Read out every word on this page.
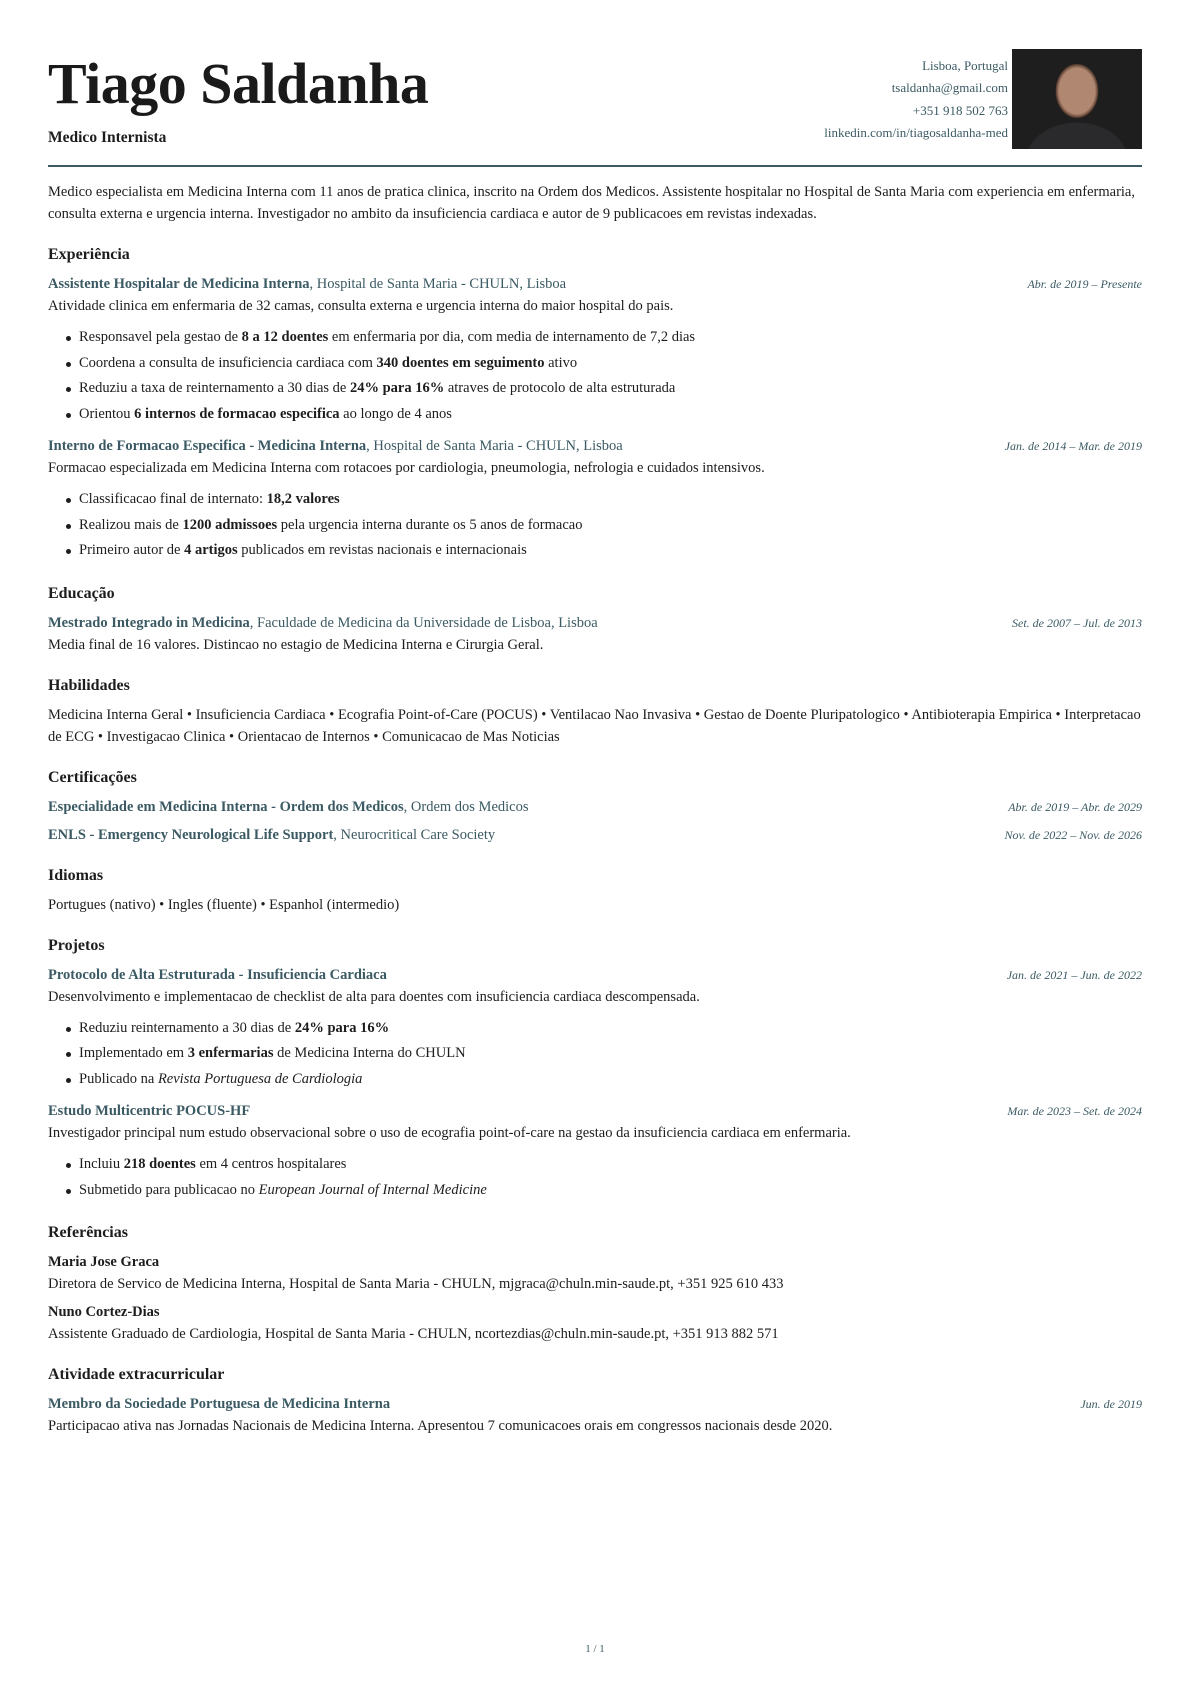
Tiago Saldanha
Medico Internista
Lisboa, Portugal
tsaldanha@gmail.com
+351 918 502 763
linkedin.com/in/tiagosaldanha-med

Medico especialista em Medicina Interna com 11 anos de pratica clinica, inscrito na Ordem dos Medicos. Assistente hospitalar no Hospital de Santa Maria com experiencia em enfermaria, consulta externa e urgencia interna. Investigador no ambito da insuficiencia cardiaca e autor de 9 publicacoes em revistas indexadas.

Experiência
Assistente Hospitalar de Medicina Interna, Hospital de Santa Maria - CHULN, Lisboa	Abr. de 2019 – Presente
Atividade clinica em enfermaria de 32 camas, consulta externa e urgencia interna do maior hospital do pais.
Responsavel pela gestao de 8 a 12 doentes em enfermaria por dia, com media de internamento de 7,2 dias
Coordena a consulta de insuficiencia cardiaca com 340 doentes em seguimento ativo
Reduziu a taxa de reinternamento a 30 dias de 24% para 16% atraves de protocolo de alta estruturada
Orientou 6 internos de formacao especifica ao longo de 4 anos
Interno de Formacao Especifica - Medicina Interna, Hospital de Santa Maria - CHULN, Lisboa	Jan. de 2014 – Mar. de 2019
Formacao especializada em Medicina Interna com rotacoes por cardiologia, pneumologia, nefrologia e cuidados intensivos.
Classificacao final de internato: 18,2 valores
Realizou mais de 1200 admissoes pela urgencia interna durante os 5 anos de formacao
Primeiro autor de 4 artigos publicados em revistas nacionais e internacionais
Educação
Mestrado Integrado in Medicina, Faculdade de Medicina da Universidade de Lisboa, Lisboa	Set. de 2007 – Jul. de 2013
Media final de 16 valores. Distincao no estagio de Medicina Interna e Cirurgia Geral.
Habilidades

Medicina Interna Geral • Insuficiencia Cardiaca • Ecografia Point-of-Care (POCUS) • Ventilacao Nao Invasiva • Gestao de Doente Pluripatologico • Antibioterapia Empirica • Interpretacao de ECG • Investigacao Clinica • Orientacao de Internos • Comunicacao de Mas Noticias

Certificações
Especialidade em Medicina Interna - Ordem dos Medicos, Ordem dos Medicos	Abr. de 2019 – Abr. de 2029
ENLS - Emergency Neurological Life Support, Neurocritical Care Society	Nov. de 2022 – Nov. de 2026
Idiomas

Portugues (nativo) • Ingles (fluente) • Espanhol (intermedio)

Projetos
Protocolo de Alta Estruturada - Insuficiencia Cardiaca	Jan. de 2021 – Jun. de 2022
Desenvolvimento e implementacao de checklist de alta para doentes com insuficiencia cardiaca descompensada.
Reduziu reinternamento a 30 dias de 24% para 16%
Implementado em 3 enfermarias de Medicina Interna do CHULN
Publicado na Revista Portuguesa de Cardiologia
Estudo Multicentric POCUS-HF	Mar. de 2023 – Set. de 2024
Investigador principal num estudo observacional sobre o uso de ecografia point-of-care na gestao da insuficiencia cardiaca em enfermaria.
Incluiu 218 doentes em 4 centros hospitalares
Submetido para publicacao no European Journal of Internal Medicine
Referências
Maria Jose Graca
Diretora de Servico de Medicina Interna, Hospital de Santa Maria - CHULN, mjgraca@chuln.min-saude.pt, +351 925 610 433
Nuno Cortez-Dias
Assistente Graduado de Cardiologia, Hospital de Santa Maria - CHULN, ncortezdias@chuln.min-saude.pt, +351 913 882 571
Atividade extracurricular
Membro da Sociedade Portuguesa de Medicina Interna	Jun. de 2019
Participacao ativa nas Jornadas Nacionais de Medicina Interna. Apresentou 7 comunicacoes orais em congressos nacionais desde 2020.
1 / 1
